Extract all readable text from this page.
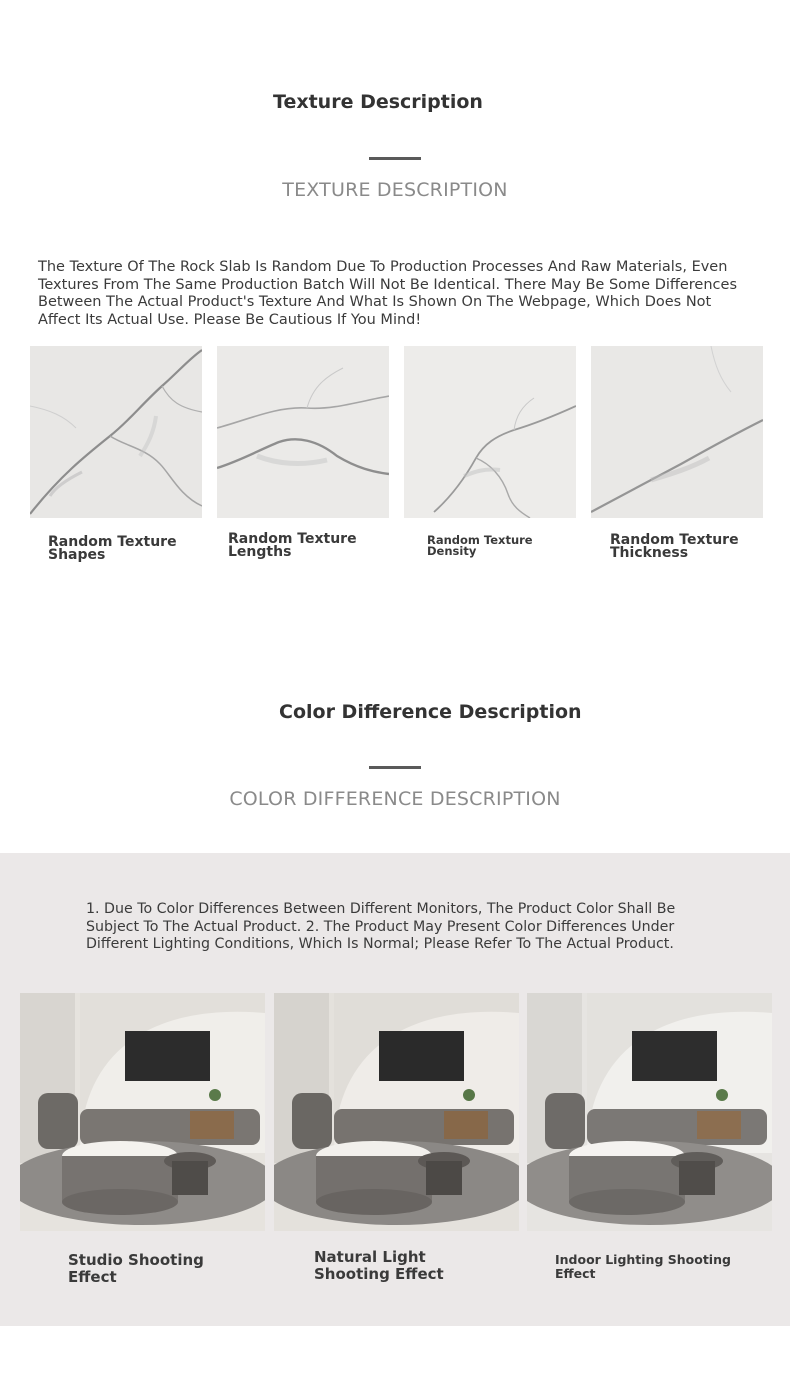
Texture Description
TEXTURE DESCRIPTION
The Texture Of The Rock Slab Is Random Due To Production Processes And Raw Materials, Even Textures From The Same Production Batch Will Not Be Identical. There May Be Some Differences Between The Actual Product's Texture And What Is Shown On The Webpage, Which Does Not Affect Its Actual Use. Please Be Cautious If You Mind!
Random Texture Shapes
Random Texture Lengths
Random Texture Density
Random Texture Thickness
Color Difference Description
COLOR DIFFERENCE DESCRIPTION
1. Due To Color Differences Between Different Monitors, The Product Color Shall Be Subject To The Actual Product. 2. The Product May Present Color Differences Under Different Lighting Conditions, Which Is Normal; Please Refer To The Actual Product.
Studio Shooting Effect
Natural Light Shooting Effect
Indoor Lighting Shooting Effect
